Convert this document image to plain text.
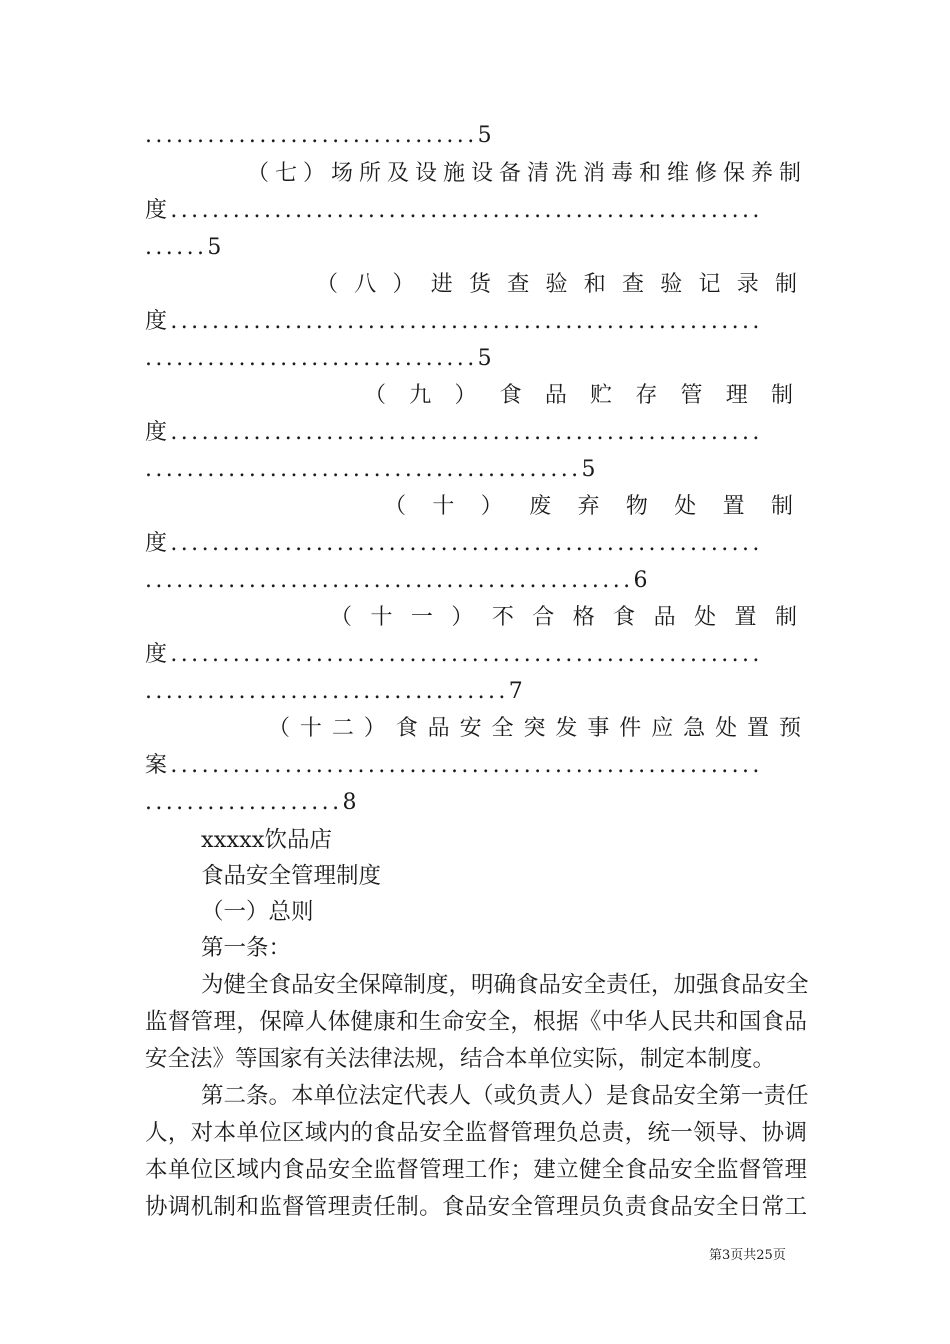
................................5
（七）场所及设施设备清洗消毒和维修保养制
度.........................................................
......5
（八）进货查验和查验记录制
度.........................................................
................................5
（九）食品贮存管理制
度.........................................................
..........................................5
（十）废弃物处置制
度.........................................................
...............................................6
（十一）不合格食品处置制
度.........................................................
...................................7
（十二）食品安全突发事件应急处置预
案.........................................................
...................8
xxxxx饮品店
食品安全管理制度
（一）总则
第一条：
为健全食品安全保障制度，明确食品安全责任，加强食品安全
监督管理，保障人体健康和生命安全，根据《中华人民共和国食品
安全法》等国家有关法律法规，结合本单位实际，制定本制度。
第二条。本单位法定代表人（或负责人）是食品安全第一责任
人，对本单位区域内的食品安全监督管理负总责，统一领导、协调
本单位区域内食品安全监督管理工作；建立健全食品安全监督管理
协调机制和监督管理责任制。食品安全管理员负责食品安全日常工
第3页共25页
